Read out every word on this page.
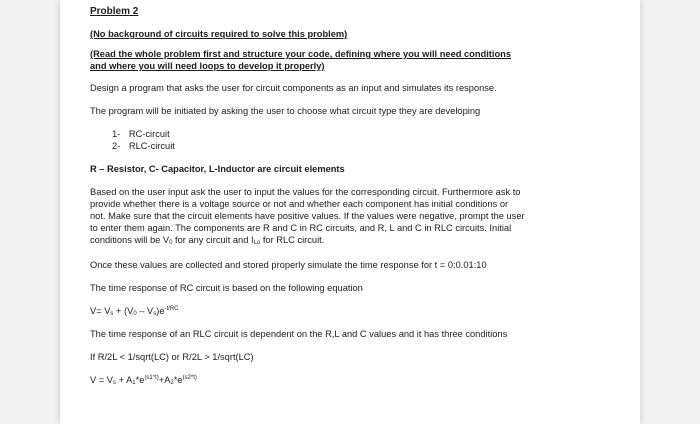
Problem 2
(No background of circuits required to solve this problem)
(Read the whole problem first and structure your code, defining where you will need conditions
and where you will need loops to develop it properly)
Design a program that asks the user for circuit components as an input and simulates its response.
The program will be initiated by asking the user to choose what circuit type they are developing
1- RC-circuit
2- RLC-circuit
R – Resistor, C- Capacitor, L-Inductor are circuit elements
Based on the user input ask the user to input the values for the corresponding circuit. Furthermore ask to
provide whether there is a voltage source or not and whether each component has initial conditions or
not. Make sure that the circuit elements have positive values. If the values were negative, prompt the user
to enter them again. The components are R and C in RC circuits, and R, L and C in RLC circuits. Initial
conditions will be $V_0$ for any circuit and $I_{Lo}$ for RLC circuit.
Once these values are collected and stored properly simulate the time response for t = 0:0.01:10
The time response of RC circuit is based on the following equation
$V= V_s + (V_0 - V_s)e^{-t/RC}$
The time response of an RLC circuit is dependent on the R,L and C values and it has three conditions
If R/2L < 1/sqrt(LC) or R/2L > 1/sqrt(LC)
$V = V_s + A_1*e^{(s1*t)}+A_2*e^{(s2*t)}$
